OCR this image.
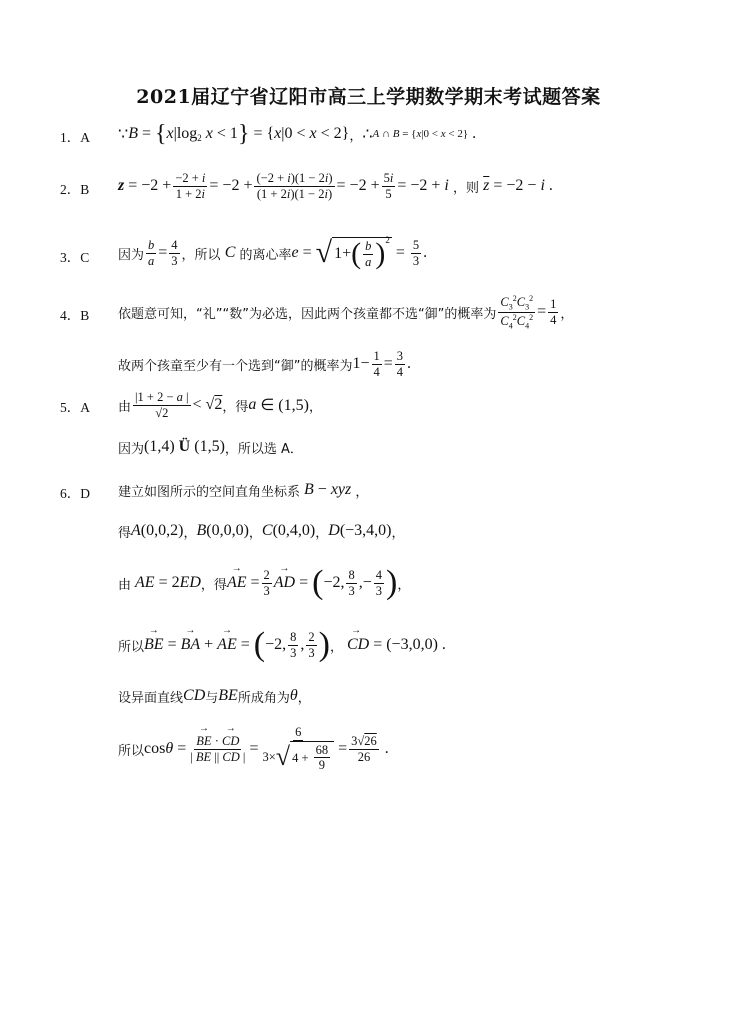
2021届辽宁省辽阳市高三上学期数学期末考试题答案
1．A	∵ B = { x |log 2 x < 1 } = { x |0 < x < 2} ， ∴ A ∩ B = { x |0 < x < 2} .
2．B	$z = -2 + \frac{-2 + i}{1 + 2i} = -2 + \frac{(-2 + i)(1 - 2i)}{(1 + 2i)(1 - 2i)} = -2 + \frac{5i}{5} = -2 + i$ ，则 $\overline{z} = -2 - i$ .
3．C	因为 $\frac{b}{a} = \frac{4}{3}$ ，所以 C 的离心率 e = √ 1+ ( $\frac{b}{a}$ ) 2
= $\frac{5}{3}$ .
4．B	依题意可知，“礼”“数”为必选，因此两个孩童都不选“御”的概率为 $\frac{C_3^2C_3^2}{C_4^2C_4^2} = \frac{1}{4}$ ，
故两个孩童至少有一个选到“御”的概率为 $1- \frac{1}{4} = \frac{3}{4}$ .
5．A	由 $\frac{|1 + 2 - a |}{√2} < √2$ ，得 a ∈ (1,5) ，
因为 (1,4) Ü (1,5) ，所以选 A．
6．D	建立如图所示的空间直角坐标系 B − xyz ，
得 A (0,0,2) ， B (0,0,0) ， C (0,4,0) ， D (−3,4,0) ，
由 AE = 2 ED ，得 → AE = $\frac{2}{3}$ → AD = ( −2, $\frac{8}{3}$ ,− $\frac{4}{3}$ ) ，
所以 → BE = → BA + → AE = ( −2, $\frac{8}{3}$ , $\frac{2}{3}$ ) ， →  CD = (−3,0,0) .
设异面直线 CD 与 BE 所成角为 θ ，
所以 cos θ = → $\frac{BE \cdot \to CD}{| BE || CD |} = \frac{6}{3\times √ 4 + \frac{68}{9}} = \frac{3√26}{26}$ .
